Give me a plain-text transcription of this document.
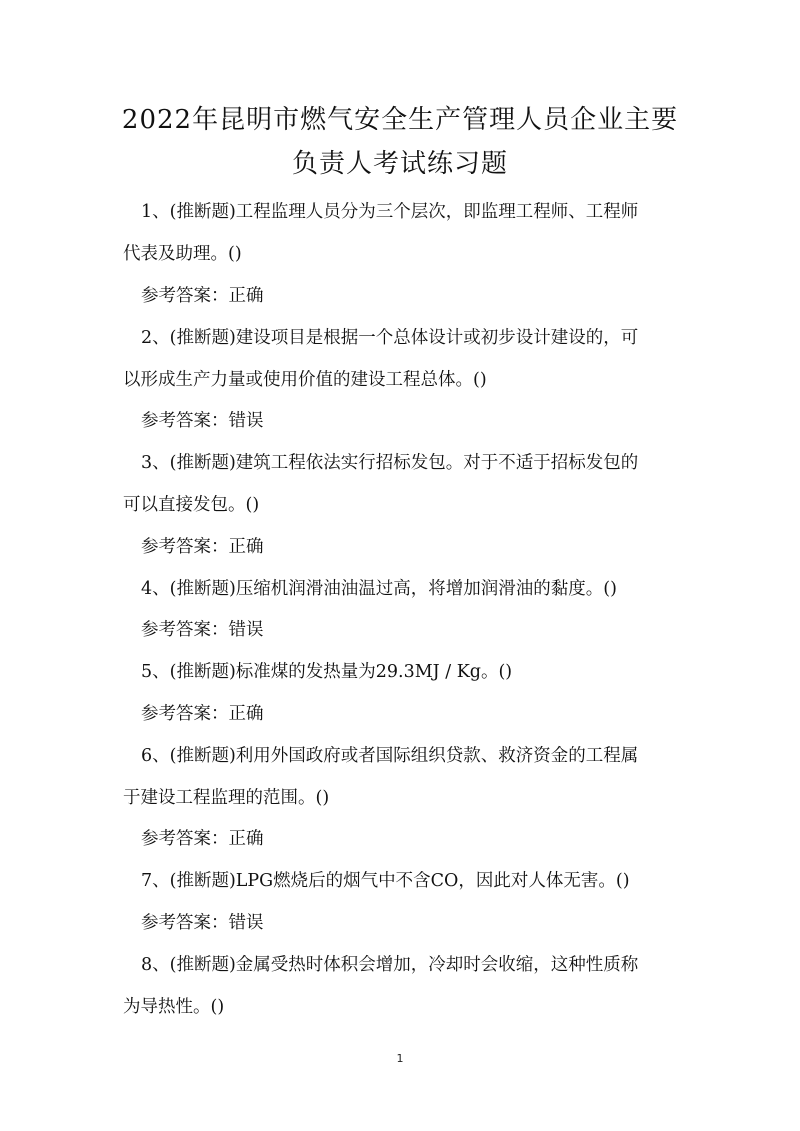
2022年昆明市燃气安全生产管理人员企业主要
负责人考试练习题
1、(推断题)工程监理人员分为三个层次，即监理工程师、工程师
代表及助理。()
参考答案：正确
2、(推断题)建设项目是根据一个总体设计或初步设计建设的，可
以形成生产力量或使用价值的建设工程总体。()
参考答案：错误
3、(推断题)建筑工程依法实行招标发包。对于不适于招标发包的
可以直接发包。()
参考答案：正确
4、(推断题)压缩机润滑油油温过高，将增加润滑油的黏度。()
参考答案：错误
5、(推断题)标准煤的发热量为29.3MJ / Kg。()
参考答案：正确
6、(推断题)利用外国政府或者国际组织贷款、救济资金的工程属
于建设工程监理的范围。()
参考答案：正确
7、(推断题)LPG燃烧后的烟气中不含CO，因此对人体无害。()
参考答案：错误
8、(推断题)金属受热时体积会增加，冷却时会收缩，这种性质称
为导热性。()
1
